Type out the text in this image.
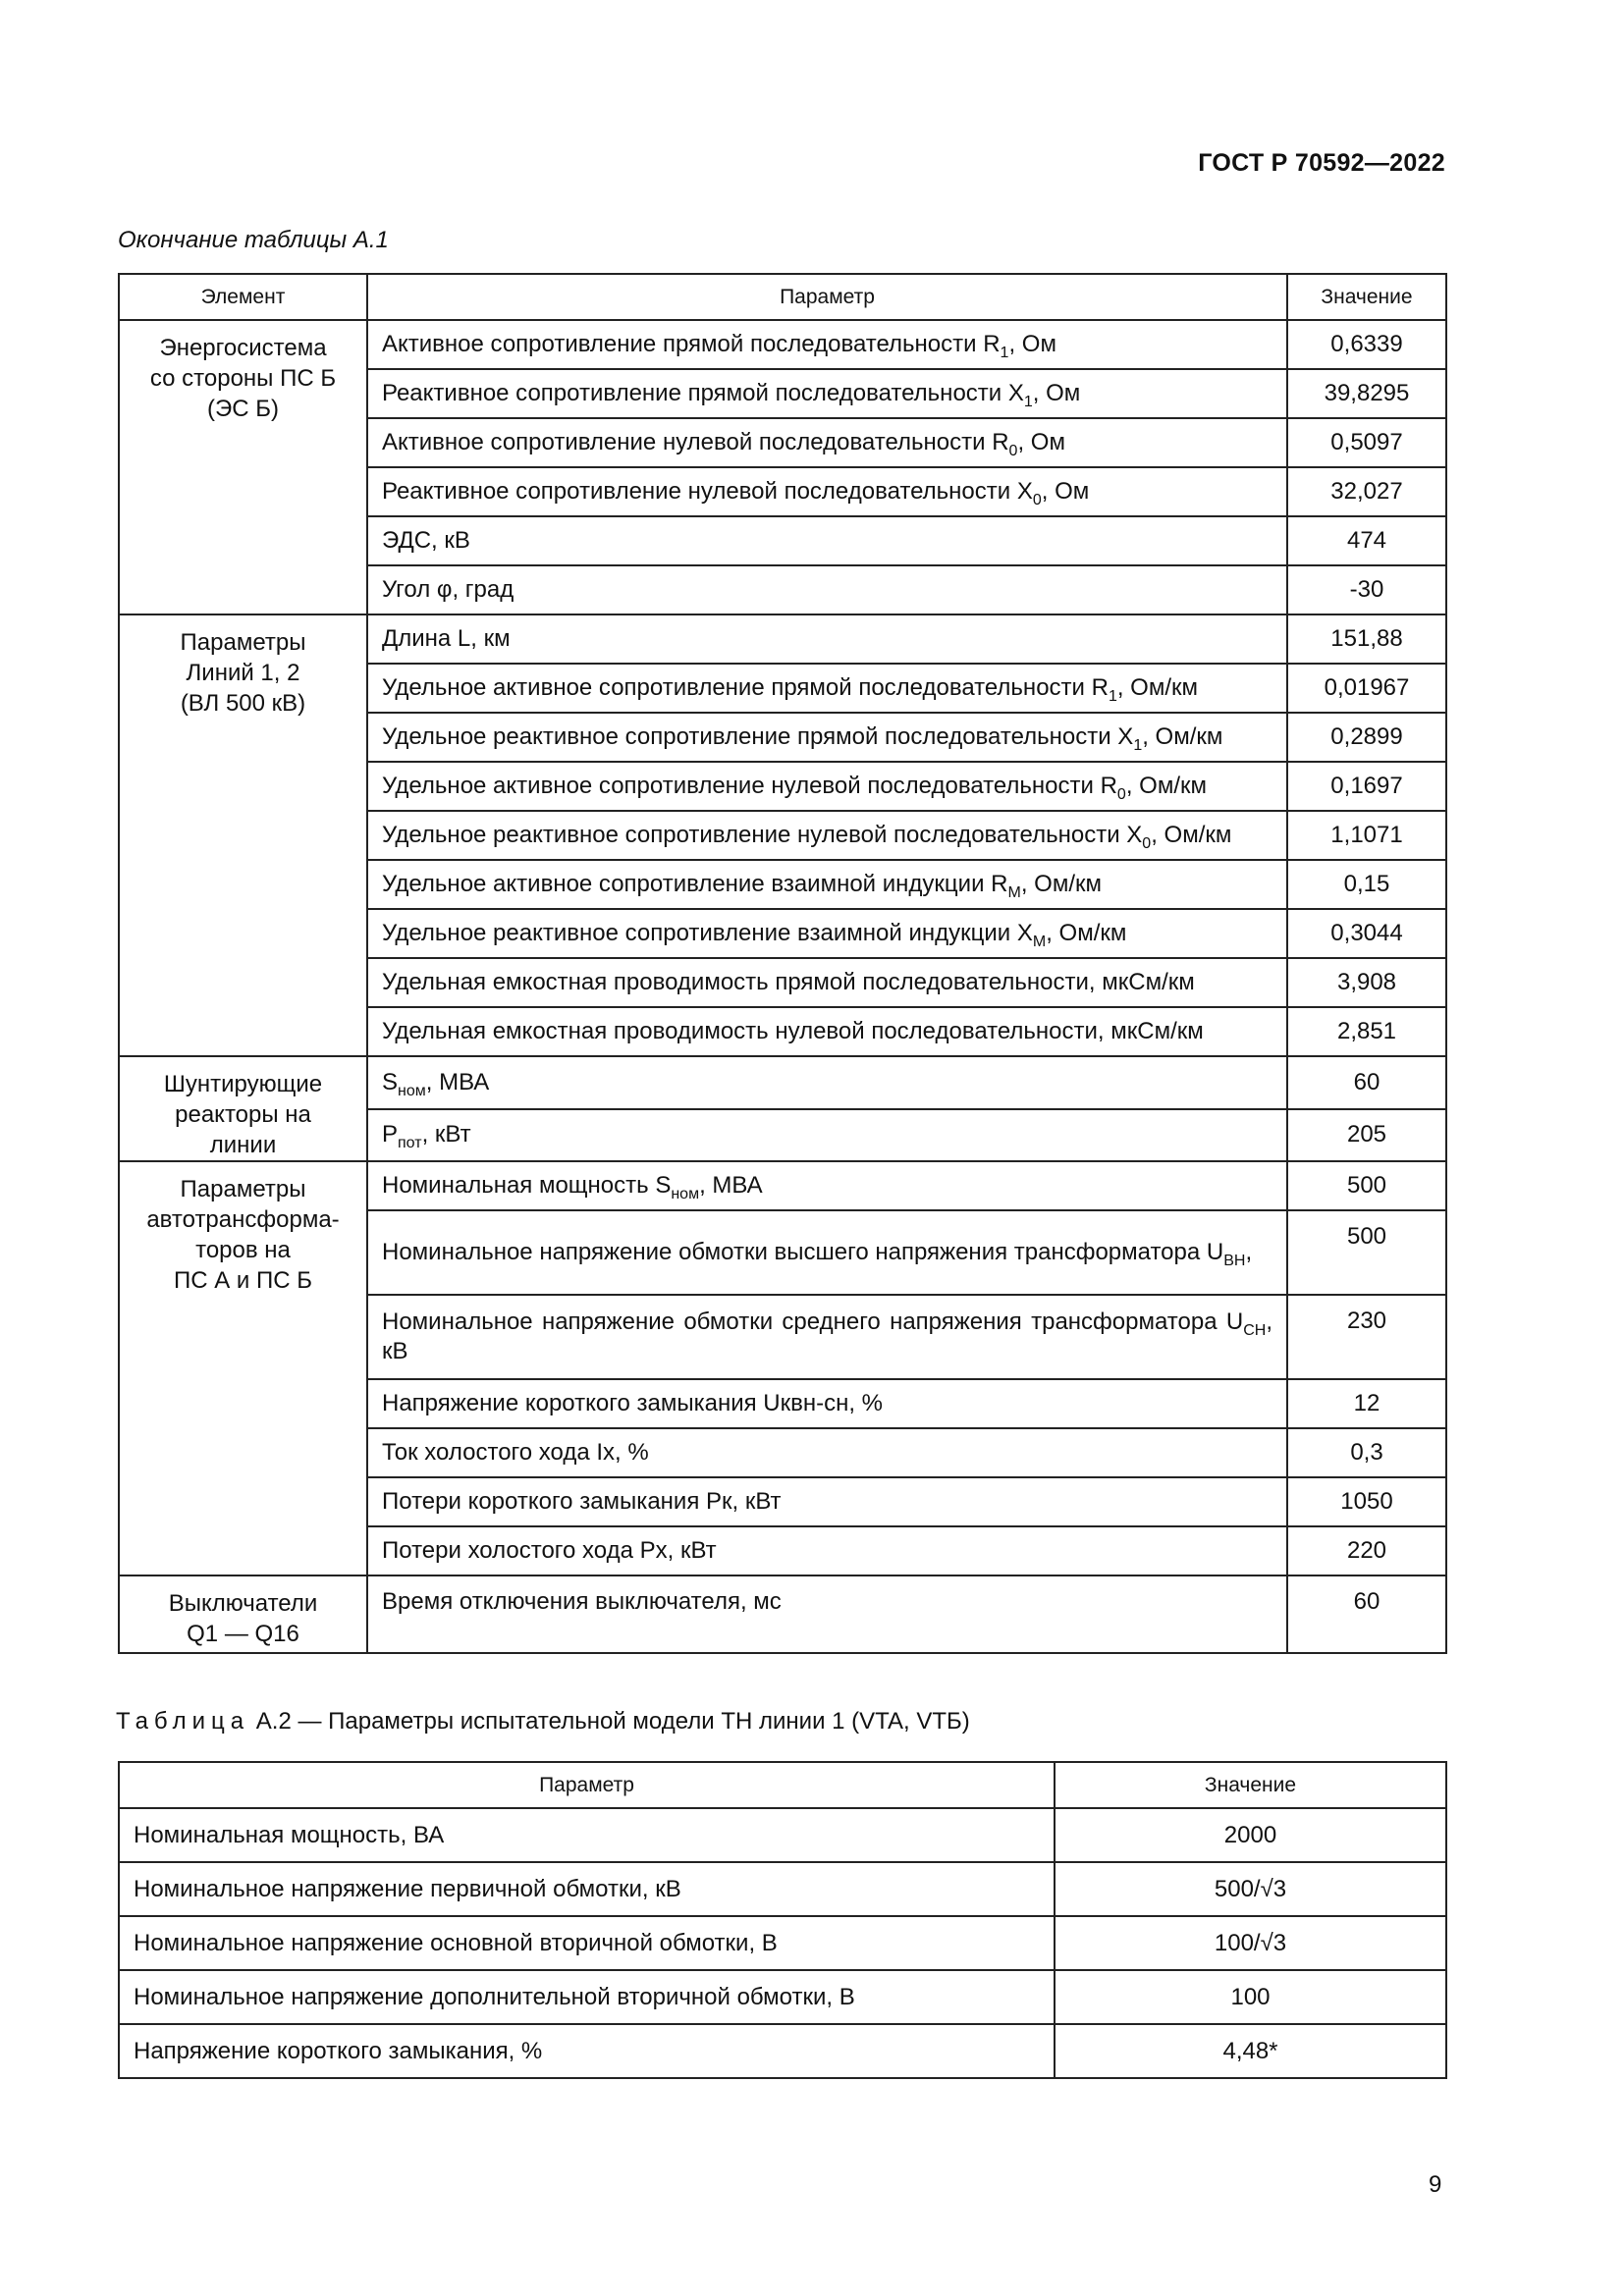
ГОСТ Р 70592—2022
Окончание таблицы А.1
Элемент	Параметр	Значение
Энергосистема
со стороны ПС Б
(ЭС Б)	Активное сопротивление прямой последовательности $R_1$, Ом	0,6339
	Реактивное сопротивление прямой последовательности $X_1$, Ом	39,8295
	Активное сопротивление нулевой последовательности $R_0$, Ом	0,5097
	Реактивное сопротивление нулевой последовательности $X_0$, Ом	32,027
	ЭДС, кВ	474
	Угол φ, град	-30
Параметры
Линий 1, 2
(ВЛ 500 кВ)	Длина L, км	151,88
	Удельное активное сопротивление прямой последовательности $R_1$, Ом/км	0,01967
	Удельное реактивное сопротивление прямой последовательности $X_1$, Ом/км	0,2899
	Удельное активное сопротивление нулевой последовательности $R_0$, Ом/км	0,1697
	Удельное реактивное сопротивление нулевой последовательности $X_0$, Ом/км	1,1071
	Удельное активное сопротивление взаимной индукции $R_M$, Ом/км	0,15
	Удельное реактивное сопротивление взаимной индукции $X_M$, Ом/км	0,3044
	Удельная емкостная проводимость прямой последовательности, мкСм/км	3,908
	Удельная емкостная проводимость нулевой последовательности, мкСм/км	2,851
Шунтирующие
реакторы на
линии	$S_{ном}$, МВА	60
	$P_{пот}$, кВт	205
Параметры
автотрансформа-
торов на
ПС А и ПС Б	Номинальная мощность $S_{ном}$, МВА	500
	Номинальное напряжение обмотки высшего напряжения трансформатора $U_{ВН}$,	500
	Номинальное напряжение обмотки среднего напряжения трансформатора $U_{СН}$, кВ	230
	Напряжение короткого замыкания Uквн-сн, %	12
	Ток холостого хода Ix, %	0,3
	Потери короткого замыкания Рк, кВт	1050
	Потери холостого хода Рх, кВт	220
Выключатели
Q1 — Q16	Время отключения выключателя, мс	60
Таблица А.2 — Параметры испытательной модели ТН линии 1 (VTA, VTБ)
Параметр	Значение
Номинальная мощность, ВА	2000
Номинальное напряжение первичной обмотки, кВ	500/√3
Номинальное напряжение основной вторичной обмотки, В	100/√3
Номинальное напряжение дополнительной вторичной обмотки, В	100
Напряжение короткого замыкания, %	4,48*
9
